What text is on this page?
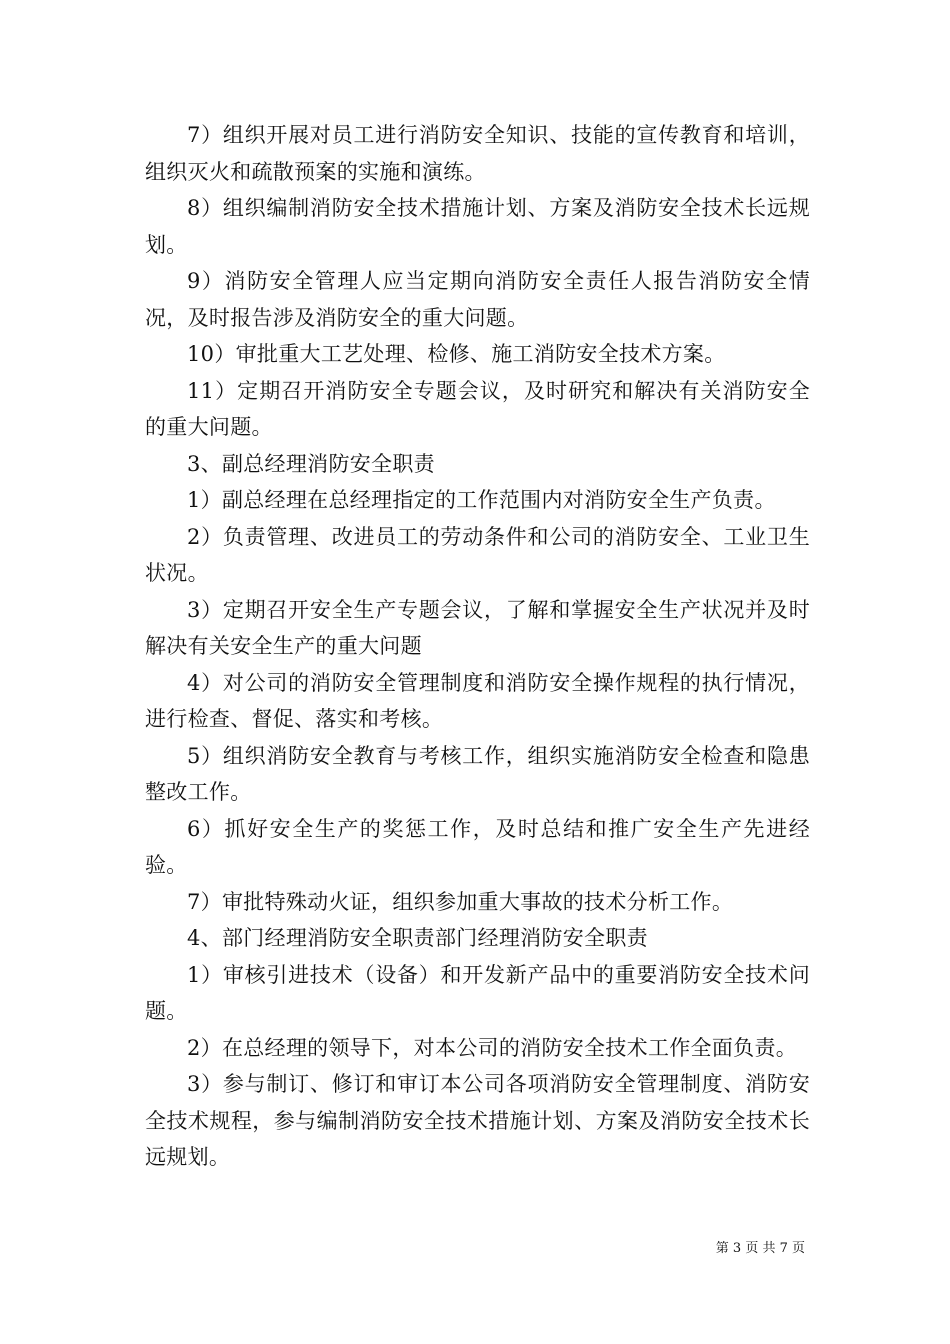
7）组织开展对员工进行消防安全知识、技能的宣传教育和培训，组织灭火和疏散预案的实施和演练。

8）组织编制消防安全技术措施计划、方案及消防安全技术长远规划。

9）消防安全管理人应当定期向消防安全责任人报告消防安全情况，及时报告涉及消防安全的重大问题。

10）审批重大工艺处理、检修、施工消防安全技术方案。

11）定期召开消防安全专题会议，及时研究和解决有关消防安全的重大问题。

3、副总经理消防安全职责

1）副总经理在总经理指定的工作范围内对消防安全生产负责。

2）负责管理、改进员工的劳动条件和公司的消防安全、工业卫生状况。

3）定期召开安全生产专题会议，了解和掌握安全生产状况并及时解决有关安全生产的重大问题

4）对公司的消防安全管理制度和消防安全操作规程的执行情况，进行检查、督促、落实和考核。

5）组织消防安全教育与考核工作，组织实施消防安全检查和隐患整改工作。

6）抓好安全生产的奖惩工作，及时总结和推广安全生产先进经验。

7）审批特殊动火证，组织参加重大事故的技术分析工作。

4、部门经理消防安全职责部门经理消防安全职责

1）审核引进技术（设备）和开发新产品中的重要消防安全技术问题。

2）在总经理的领导下，对本公司的消防安全技术工作全面负责。

3）参与制订、修订和审订本公司各项消防安全管理制度、消防安全技术规程，参与编制消防安全技术措施计划、方案及消防安全技术长远规划。

第 3 页 共 7 页
